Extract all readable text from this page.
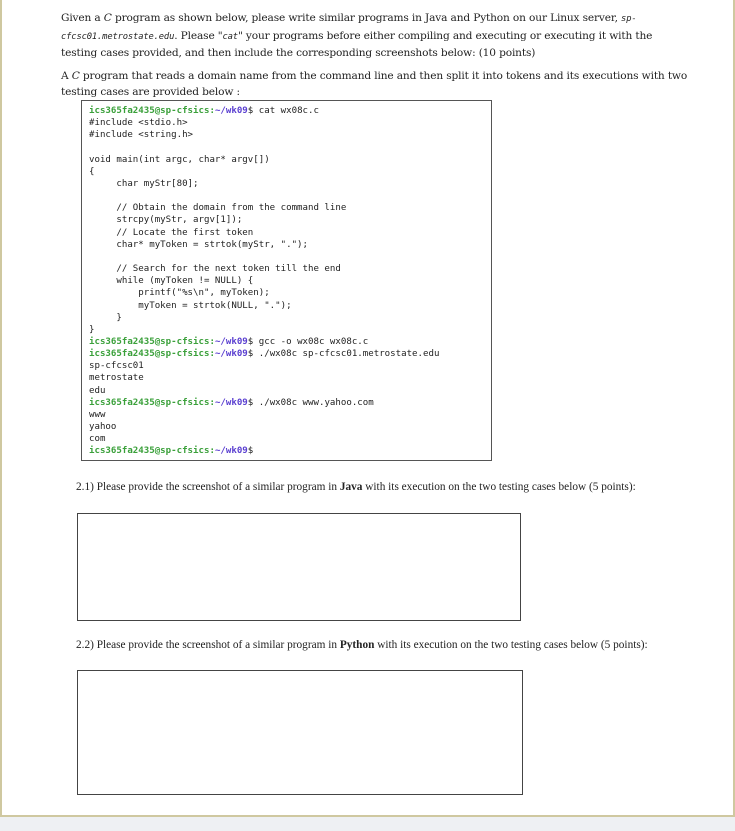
Given a C program as shown below, please write similar programs in Java and Python on our Linux server, sp-cfcsc01.metrostate.edu. Please "cat" your programs before either compiling and executing or executing it with the testing cases provided, and then include the corresponding screenshots below: (10 points)

A C program that reads a domain name from the command line and then split it into tokens and its executions with two testing cases are provided below :

ics365fa2435@sp-cfsics:~/wk09$ cat wx08c.c
#include <stdio.h>
#include <string.h>

void main(int argc, char* argv[])
{
char myStr[80];

// Obtain the domain from the command line
strcpy(myStr, argv[1]);
// Locate the first token
char* myToken = strtok(myStr, ".");

// Search for the next token till the end
while (myToken != NULL) {
printf("%s\n", myToken);
myToken = strtok(NULL, ".");
}
}
ics365fa2435@sp-cfsics:~/wk09$ gcc -o wx08c wx08c.c
ics365fa2435@sp-cfsics:~/wk09$ ./wx08c sp-cfcsc01.metrostate.edu
sp-cfcsc01
metrostate
edu
ics365fa2435@sp-cfsics:~/wk09$ ./wx08c www.yahoo.com
www
yahoo
com
ics365fa2435@sp-cfsics:~/wk09$
2.1) Please provide the screenshot of a similar program in Java with its execution on the two testing cases below (5 points):
2.2) Please provide the screenshot of a similar program in Python with its execution on the two testing cases below (5 points):
